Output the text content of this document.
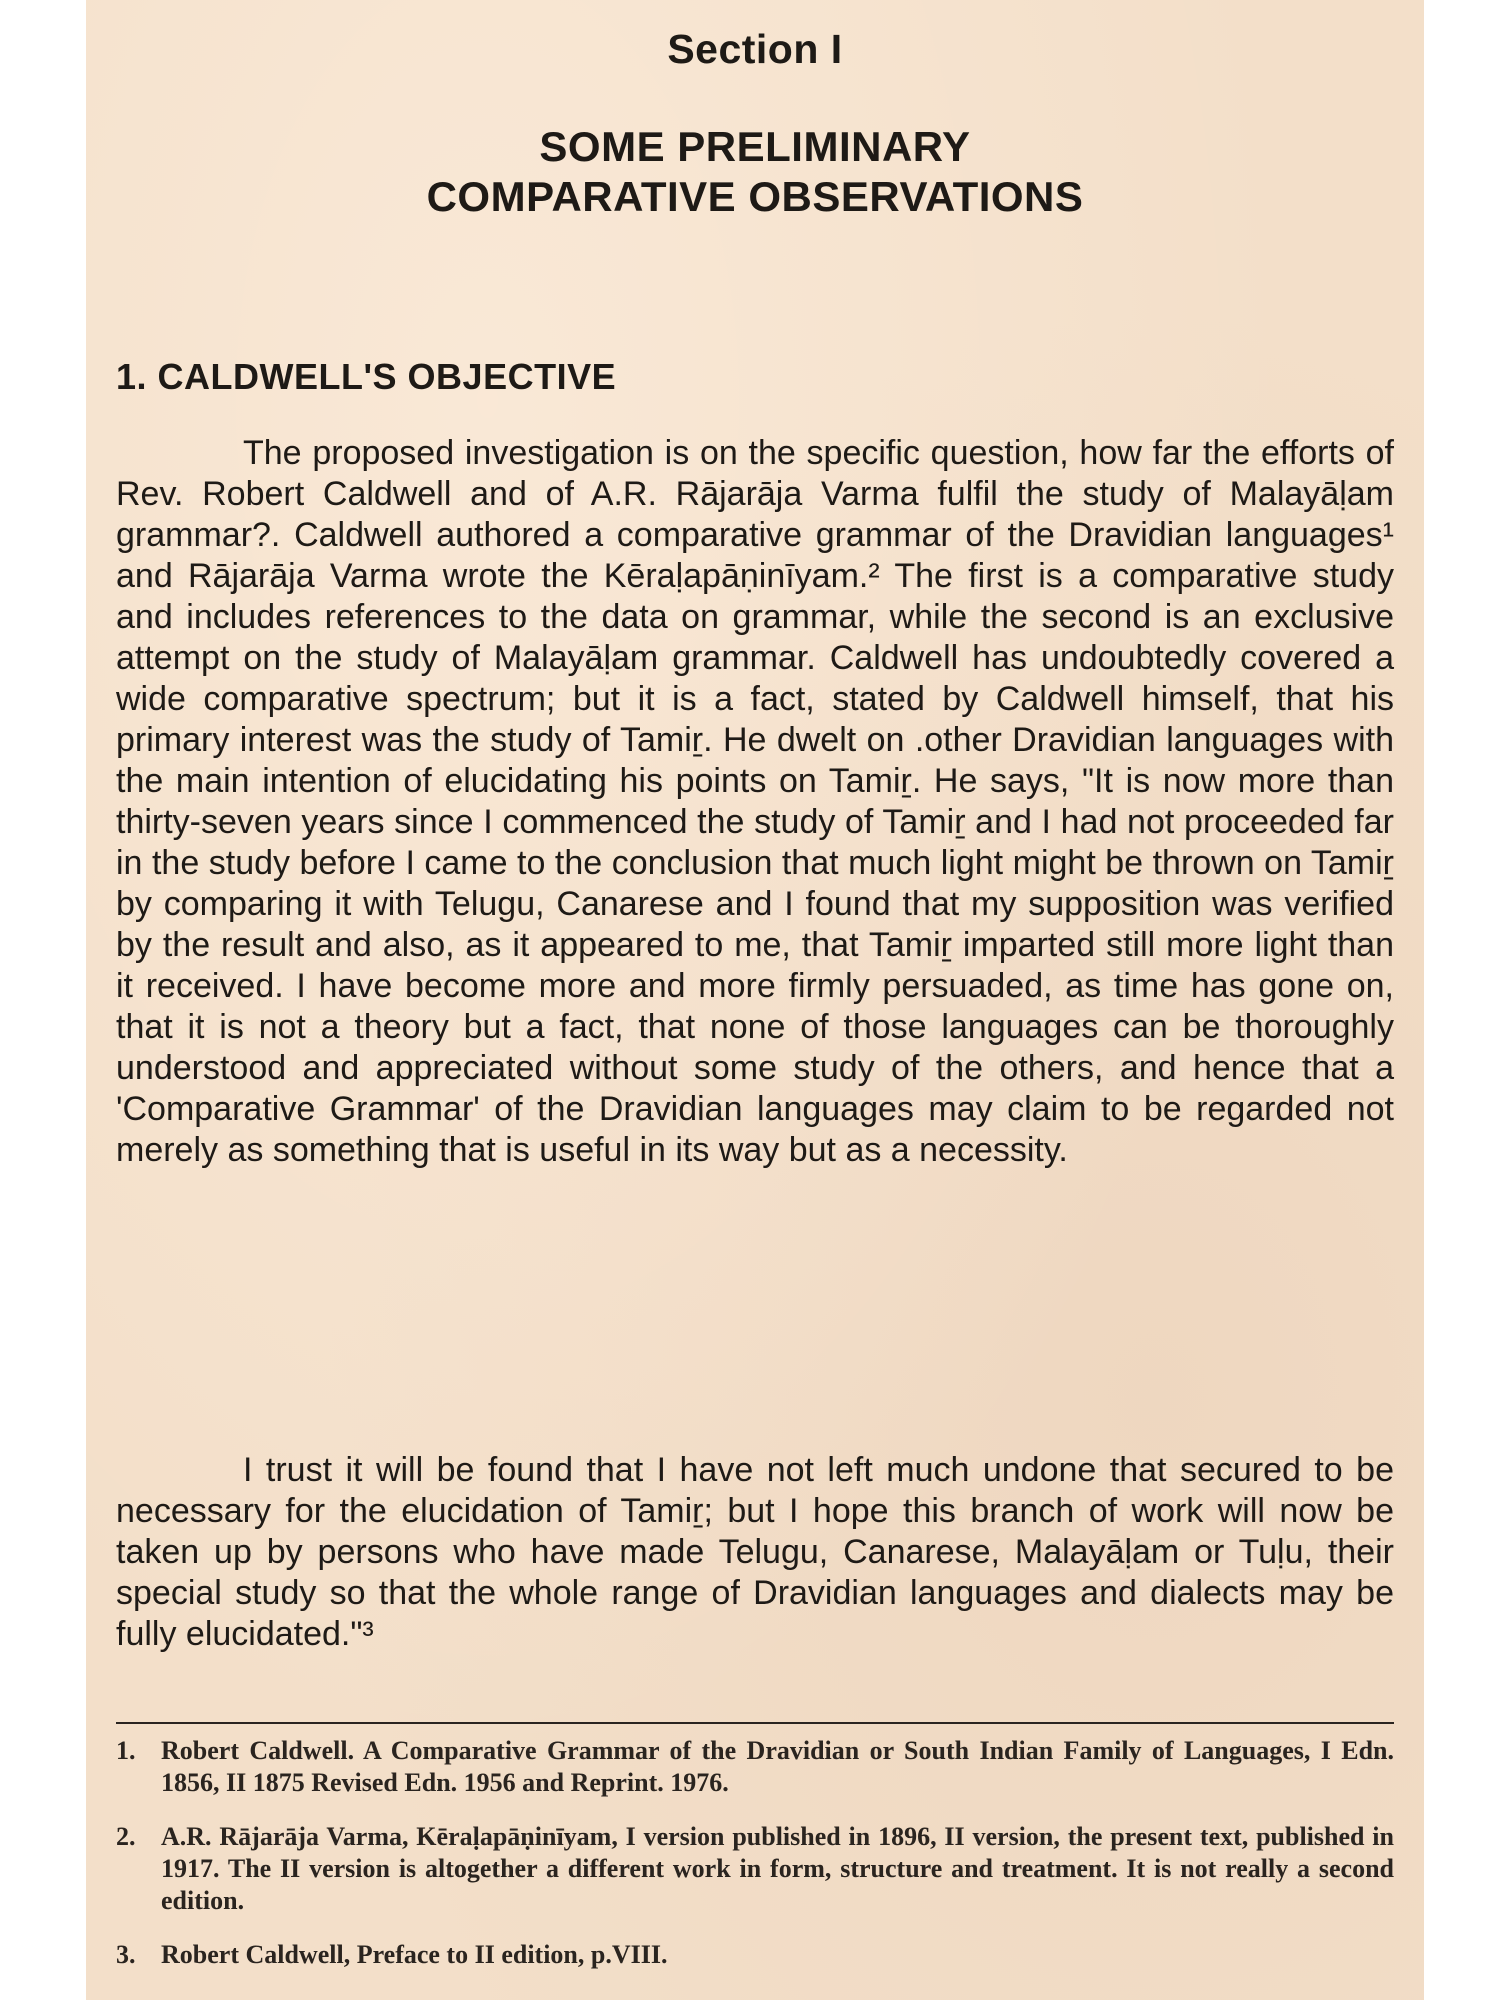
Section I
SOME PRELIMINARY
COMPARATIVE OBSERVATIONS
1. CALDWELL'S OBJECTIVE

The proposed investigation is on the specific question, how far the efforts of Rev. Robert Caldwell and of A.R. Rājarāja Varma fulfil the study of Malayāḷam grammar?. Caldwell authored a comparative grammar of the Dravidian languages¹ and Rājarāja Varma wrote the Kēraḷapāṇinīyam.² The first is a comparative study and includes references to the data on grammar, while the second is an exclusive attempt on the study of Malayāḷam grammar. Caldwell has undoubtedly covered a wide comparative spectrum; but it is a fact, stated by Caldwell himself, that his primary interest was the study of Tamiṟ. He dwelt on .other Dravidian languages with the main intention of elucidating his points on Tamiṟ. He says, "It is now more than thirty-seven years since I commenced the study of Tamiṟ and I had not proceeded far in the study before I came to the conclusion that much light might be thrown on Tamiṟ by comparing it with Telugu, Canarese and I found that my supposition was verified by the result and also, as it appeared to me, that Tamiṟ imparted still more light than it received. I have become more and more firmly persuaded, as time has gone on, that it is not a theory but a fact, that none of those languages can be thoroughly understood and appreciated without some study of the others, and hence that a 'Comparative Grammar' of the Dravidian languages may claim to be regarded not merely as something that is useful in its way but as a necessity.

I trust it will be found that I have not left much undone that secured to be necessary for the elucidation of Tamiṟ; but I hope this branch of work will now be taken up by persons who have made Telugu, Canarese, Malayāḷam or Tuḷu, their special study so that the whole range of Dravidian languages and dialects may be fully elucidated."³

1. Robert Caldwell. A Comparative Grammar of the Dravidian or South Indian Family of Languages, I Edn. 1856, II 1875 Revised Edn. 1956 and Reprint. 1976.
2. A.R. Rājarāja Varma, Kēraḷapāṇinīyam, I version published in 1896, II version, the present text, published in 1917. The II version is altogether a different work in form, structure and treatment. It is not really a second edition.
3. Robert Caldwell, Preface to II edition, p.VIII.
